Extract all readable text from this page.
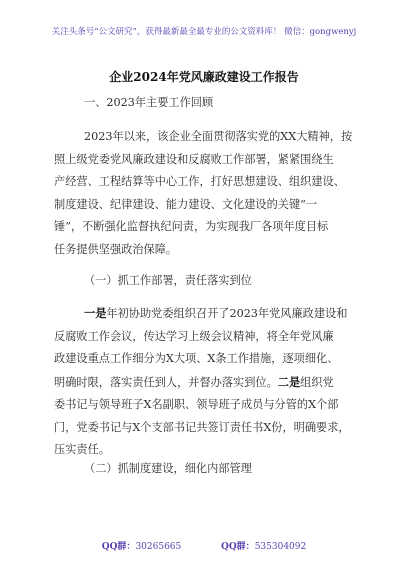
关注头条号“公文研究”，获得最新最全最专业的公文资料库！ 微信：gongwenyj
企业2024年党风廉政建设工作报告

一、2023年主要工作回顾

2023年以来，该企业全面贯彻落实党的XX大精神，按
照上级党委党风廉政建设和反腐败工作部署，紧紧围绕生
产经营、工程结算等中心工作，打好思想建设、组织建设、
制度建设、纪律建设、能力建设、文化建设的关键“一
锤”，不断强化监督执纪问责，为实现我厂各项年度目标
任务提供坚强政治保障。

（一）抓工作部署，责任落实到位

一是年初协助党委组织召开了2023年党风廉政建设和
反腐败工作会议，传达学习上级会议精神，将全年党风廉
政建设重点工作细分为X大项、X条工作措施，逐项细化、
明确时限，落实责任到人，并督办落实到位。二是组织党
委书记与领导班子X名副职、领导班子成员与分管的X个部
门，党委书记与X个支部书记共签订责任书X份，明确要求，
压实责任。

（二）抓制度建设，细化内部管理

QQ群：30265665	QQ群：535304092
